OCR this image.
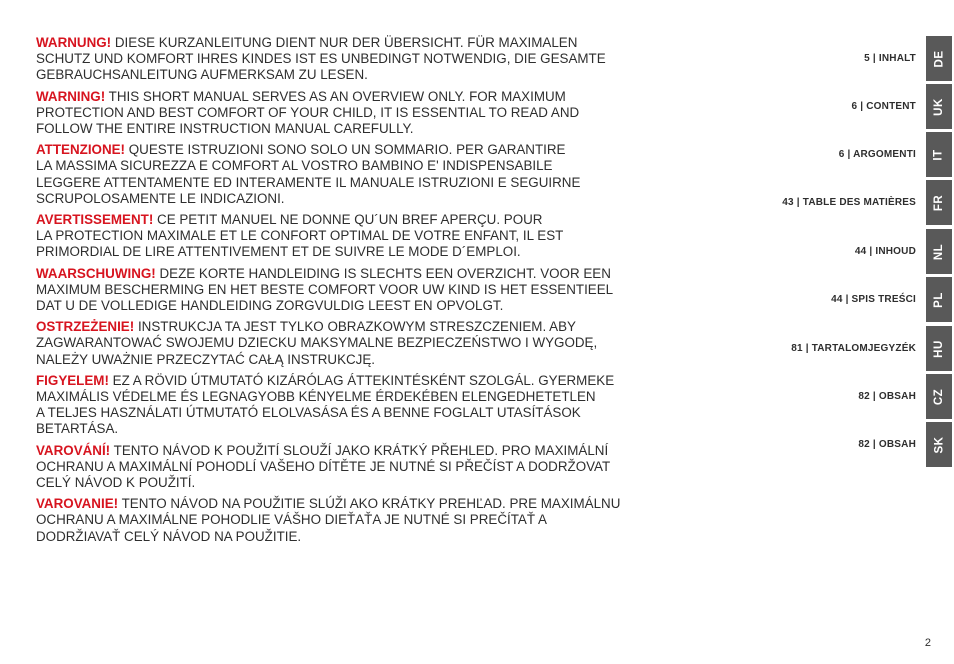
WARNUNG! DIESE KURZANLEITUNG DIENT NUR DER ÜBERSICHT. FÜR MAXIMALEN
SCHUTZ UND KOMFORT IHRES KINDES IST ES UNBEDINGT NOTWENDIG, DIE GESAMTE
GEBRAUCHSANLEITUNG AUFMERKSAM ZU LESEN.

WARNING! THIS SHORT MANUAL SERVES AS AN OVERVIEW ONLY. FOR MAXIMUM
PROTECTION AND BEST COMFORT OF YOUR CHILD, IT IS ESSENTIAL TO READ AND
FOLLOW THE ENTIRE INSTRUCTION MANUAL CAREFULLY.

ATTENZIONE! QUESTE ISTRUZIONI SONO SOLO UN SOMMARIO. PER GARANTIRE
LA MASSIMA SICUREZZA E COMFORT AL VOSTRO BAMBINO E' INDISPENSABILE
LEGGERE ATTENTAMENTE ED INTERAMENTE IL MANUALE ISTRUZIONI E SEGUIRNE
SCRUPOLOSAMENTE LE INDICAZIONI.

AVERTISSEMENT! CE PETIT MANUEL NE DONNE QU´UN BREF APERÇU. POUR
LA PROTECTION MAXIMALE ET LE CONFORT OPTIMAL DE VOTRE ENFANT, IL EST
PRIMORDIAL DE LIRE ATTENTIVEMENT ET DE SUIVRE LE MODE D´EMPLOI.

WAARSCHUWING! DEZE KORTE HANDLEIDING IS SLECHTS EEN OVERZICHT. VOOR EEN
MAXIMUM BESCHERMING EN HET BESTE COMFORT VOOR UW KIND IS HET ESSENTIEEL
DAT U DE VOLLEDIGE HANDLEIDING ZORGVULDIG LEEST EN OPVOLGT.

OSTRZEŻENIE! INSTRUKCJA TA JEST TYLKO OBRAZKOWYM STRESZCZENIEM. ABY
ZAGWARANTOWAĆ SWOJEMU DZIECKU MAKSYMALNE BEZPIECZEŃSTWO I WYGODĘ,
NALEŻY UWAŻNIE PRZECZYTAĆ CAŁĄ INSTRUKCJĘ.

FIGYELEM! EZ A RÖVID ÚTMUTATÓ KIZÁRÓLAG ÁTTEKINTÉSKÉNT SZOLGÁL. GYERMEKE
MAXIMÁLIS VÉDELME ÉS LEGNAGYOBB KÉNYELME ÉRDEKÉBEN ELENGEDHETETLEN
A TELJES HASZNÁLATI ÚTMUTATÓ ELOLVASÁSA ÉS A BENNE FOGLALT UTASÍTÁSOK
BETARTÁSA.

VAROVÁNÍ! TENTO NÁVOD K POUŽITÍ SLOUŽÍ JAKO KRÁTKÝ PŘEHLED. PRO MAXIMÁLNÍ
OCHRANU A MAXIMÁLNÍ POHODLÍ VAŠEHO DÍTĚTE JE NUTNÉ SI PŘEČÍST A DODRŽOVAT
CELÝ NÁVOD K POUŽITÍ.

VAROVANIE! TENTO NÁVOD NA POUŽITIE SLÚŽI AKO KRÁTKY PREHĽAD. PRE MAXIMÁLNU
OCHRANU A MAXIMÁLNE POHODLIE VÁŠHO DIEŤAŤA JE NUTNÉ SI PREČÍTAŤ A
DODRŽIAVAŤ CELÝ NÁVOD NA POUŽITIE.

5 | INHALT DE
6 | CONTENT UK
6 | ARGOMENTI IT
43 | TABLE DES MATIÈRES FR
44 | INHOUD NL
44 | SPIS TREŚCI PL
81 | TARTALOMJEGYZÉK HU
82 | OBSAH CZ
82 | OBSAH SK
2
